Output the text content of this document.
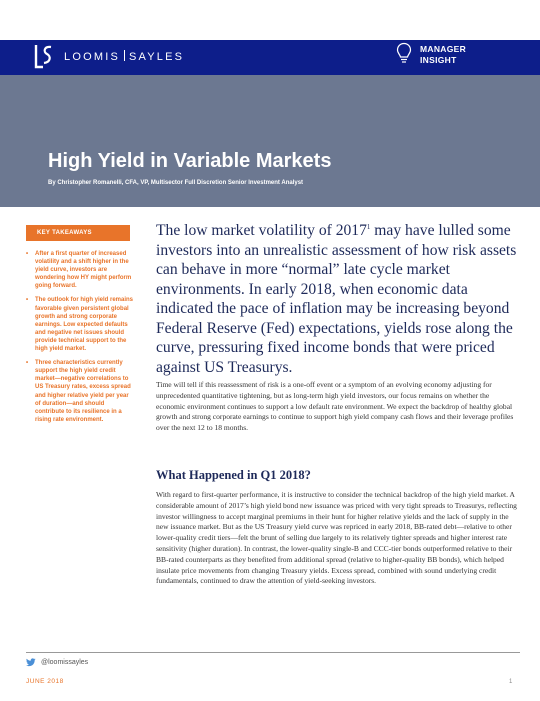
LOOMIS SAYLES
MANAGER
INSIGHT
High Yield in Variable Markets
By Christopher Romanelli, CFA, VP, Multisector Full Discretion Senior Investment Analyst
KEY TAKEAWAYS
• After a first quarter of increased volatility and a shift higher in the yield curve, investors are wondering how HY might perform going forward.
• The outlook for high yield remains favorable given persistent global growth and strong corporate earnings. Low expected defaults and negative net issues should provide technical support to the high yield market.
• Three characteristics currently support the high yield credit market—negative correlations to US Treasury rates, excess spread and higher relative yield per year of duration—and should contribute to its resilience in a rising rate environment.

The low market volatility of 2017$^1$ may have lulled some investors into an unrealistic assessment of how risk assets can behave in more “normal” late cycle market environments. In early 2018, when economic data indicated the pace of inflation may be increasing beyond Federal Reserve (Fed) expectations, yields rose along the curve, pressuring fixed income bonds that were priced against US Treasurys.

Time will tell if this reassessment of risk is a one-off event or a symptom of an evolving economy adjusting for unprecedented quantitative tightening, but as long-term high yield investors, our focus remains on whether the economic environment continues to support a low default rate environment. We expect the backdrop of healthy global growth and strong corporate earnings to continue to support high yield company cash flows and their leverage profiles over the next 12 to 18 months.

What Happened in Q1 2018?

With regard to first-quarter performance, it is instructive to consider the technical backdrop of the high yield market. A considerable amount of 2017’s high yield bond new issuance was priced with very tight spreads to Treasurys, reflecting investor willingness to accept marginal premiums in their hunt for higher relative yields and the lack of supply in the new issuance market. But as the US Treasury yield curve was repriced in early 2018, BB-rated debt—relative to other lower-quality credit tiers—felt the brunt of selling due largely to its relatively tighter spreads and higher interest rate sensitivity (higher duration). In contrast, the lower-quality single-B and CCC-tier bonds outperformed relative to their BB-rated counterparts as they benefited from additional spread (relative to higher-quality BB bonds), which helped insulate price movements from changing Treasury yields. Excess spread, combined with sound underlying credit fundamentals, continued to draw the attention of yield-seeking investors.

@loomissayles
JUNE 2018	1
